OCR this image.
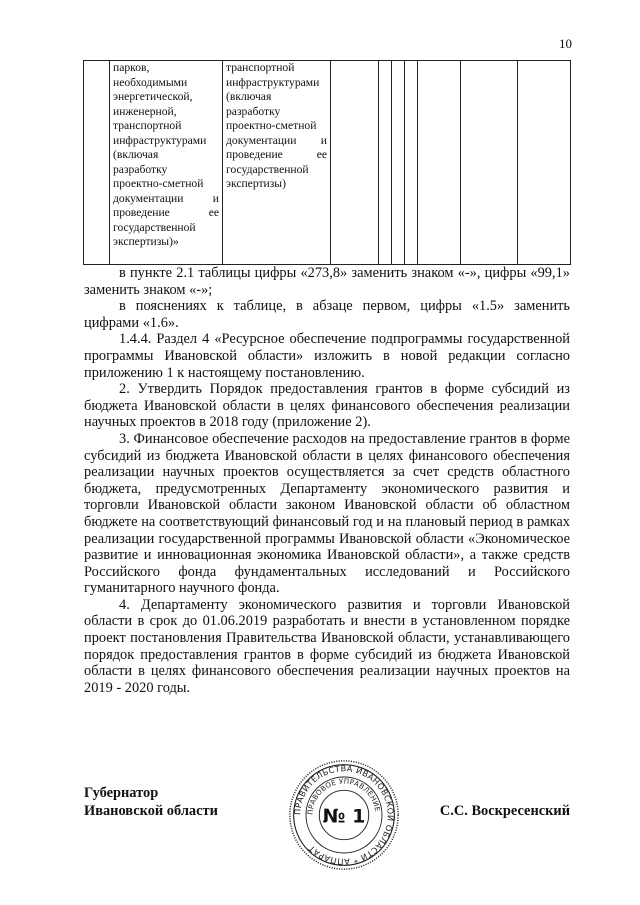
10

парков,
необходимыми
энергетической,
инженерной,
транспортной
инфраструктурами
(включая
разработку
проектно-сметной
документации и
проведение ее
государственной
экспертизы)»

транспортной
инфраструктурами
(включая
разработку
проектно-сметной
документации и
проведение ее
государственной
экспертизы)

в пункте 2.1 таблицы цифры «273,8» заменить знаком «-», цифры «99,1» заменить знаком «-»;

в пояснениях к таблице, в абзаце первом, цифры «1.5» заменить цифрами «1.6».

1.4.4. Раздел 4 «Ресурсное обеспечение подпрограммы государственной программы Ивановской области» изложить в новой редакции согласно приложению 1 к настоящему постановлению.

2. Утвердить Порядок предоставления грантов в форме субсидий из бюджета Ивановской области в целях финансового обеспечения реализации научных проектов в 2018 году (приложение 2).

3. Финансовое обеспечение расходов на предоставление грантов в форме субсидий из бюджета Ивановской области в целях финансового обеспечения реализации научных проектов осуществляется за счет средств областного бюджета, предусмотренных Департаменту экономического развития и торговли Ивановской области законом Ивановской области об областном бюджете на соответствующий финансовый год и на плановый период в рамках реализации государственной программы Ивановской области «Экономическое развитие и инновационная экономика Ивановской области», а также средств Российского фонда фундаментальных исследований и Российского гуманитарного научного фонда.

4. Департаменту экономического развития и торговли Ивановской области в срок до 01.06.2019 разработать и внести в установленном порядке проект постановления Правительства Ивановской области, устанавливающего порядок предоставления грантов в форме субсидий из бюджета Ивановской области в целях финансового обеспечения реализации научных проектов на 2019 - 2020 годы.

Губернатор
Ивановской области	ПРАВИТЕЛЬСТВА ИВАНОВСКОЙ ОБЛАСТИ * АППАРАТ
ПРАВОВОЕ УПРАВЛЕНИЕ
№ 1	С.С. Воскресенский
